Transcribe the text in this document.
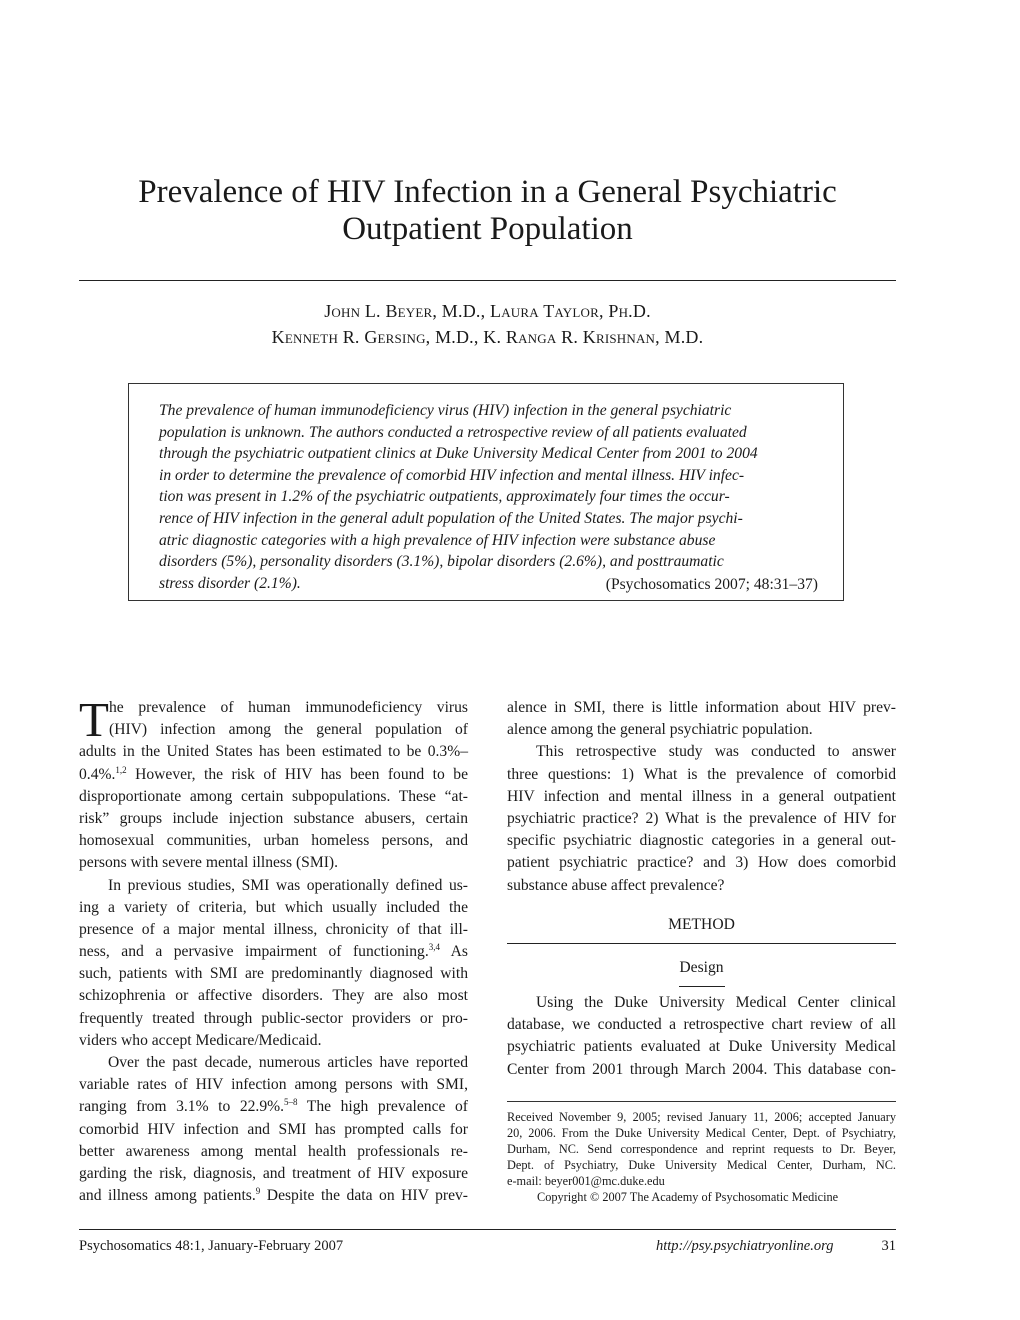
Prevalence of HIV Infection in a General Psychiatric
Outpatient Population
John L. Beyer, M.D., Laura Taylor, Ph.D.
Kenneth R. Gersing, M.D., K. Ranga R. Krishnan, M.D.
The prevalence of human immunodeficiency virus (HIV) infection in the general psychiatric
population is unknown. The authors conducted a retrospective review of all patients evaluated
through the psychiatric outpatient clinics at Duke University Medical Center from 2001 to 2004
in order to determine the prevalence of comorbid HIV infection and mental illness. HIV infec-
tion was present in 1.2% of the psychiatric outpatients, approximately four times the occur-
rence of HIV infection in the general adult population of the United States. The major psychi-
atric diagnostic categories with a high prevalence of HIV infection were substance abuse
disorders (5%), personality disorders (3.1%), bipolar disorders (2.6%), and posttraumatic
stress disorder (2.1%).	(Psychosomatics 2007; 48:31–37)
T he prevalence of human immunodeficiency virus
(HIV) infection among the general population of
adults in the United States has been estimated to be 0.3%–
0.4%.$^{1,2}$ However, the risk of HIV has been found to be
disproportionate among certain subpopulations. These “at-
risk” groups include injection substance abusers, certain
homosexual communities, urban homeless persons, and
persons with severe mental illness (SMI).
In previous studies, SMI was operationally defined us-
ing a variety of criteria, but which usually included the
presence of a major mental illness, chronicity of that ill-
ness, and a pervasive impairment of functioning.$^{3,4}$ As
such, patients with SMI are predominantly diagnosed with
schizophrenia or affective disorders. They are also most
frequently treated through public-sector providers or pro-
viders who accept Medicare/Medicaid.
Over the past decade, numerous articles have reported
variable rates of HIV infection among persons with SMI,
ranging from 3.1% to 22.9%.$^{5-8}$ The high prevalence of
comorbid HIV infection and SMI has prompted calls for
better awareness among mental health professionals re-
garding the risk, diagnosis, and treatment of HIV exposure
and illness among patients.$^9$ Despite the data on HIV prev-
alence in SMI, there is little information about HIV prev-
alence among the general psychiatric population.
This retrospective study was conducted to answer
three questions: 1) What is the prevalence of comorbid
HIV infection and mental illness in a general outpatient
psychiatric practice? 2) What is the prevalence of HIV for
specific psychiatric diagnostic categories in a general out-
patient psychiatric practice? and 3) How does comorbid
substance abuse affect prevalence?
METHOD
Design
Using the Duke University Medical Center clinical
database, we conducted a retrospective chart review of all
psychiatric patients evaluated at Duke University Medical
Center from 2001 through March 2004. This database con-
Received November 9, 2005; revised January 11, 2006; accepted January
20, 2006. From the Duke University Medical Center, Dept. of Psychiatry,
Durham, NC. Send correspondence and reprint requests to Dr. Beyer,
Dept. of Psychiatry, Duke University Medical Center, Durham, NC.
e-mail: beyer001@mc.duke.edu
Copyright © 2007 The Academy of Psychosomatic Medicine
Psychosomatics 48:1, January-February 2007	http://psy.psychiatryonline.org	31
